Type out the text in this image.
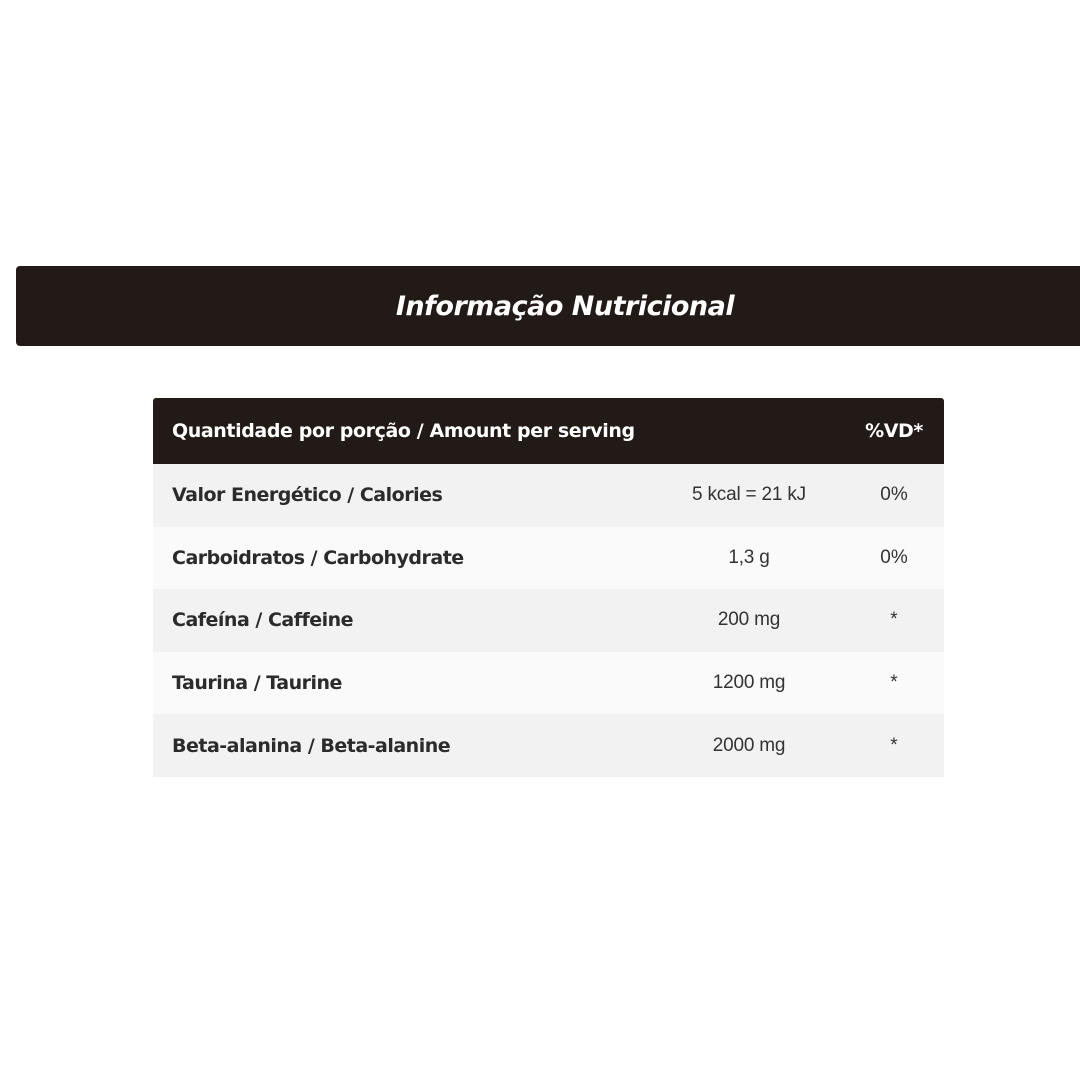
Informação Nutricional
Quantidade por porção / Amount per serving	%VD*
Valor Energético / Calories	5 kcal = 21 kJ	0%
Carboidratos / Carbohydrate	1,3 g	0%
Cafeína / Caffeine	200 mg	*
Taurina / Taurine	1200 mg	*
Beta-alanina / Beta-alanine	2000 mg	*
